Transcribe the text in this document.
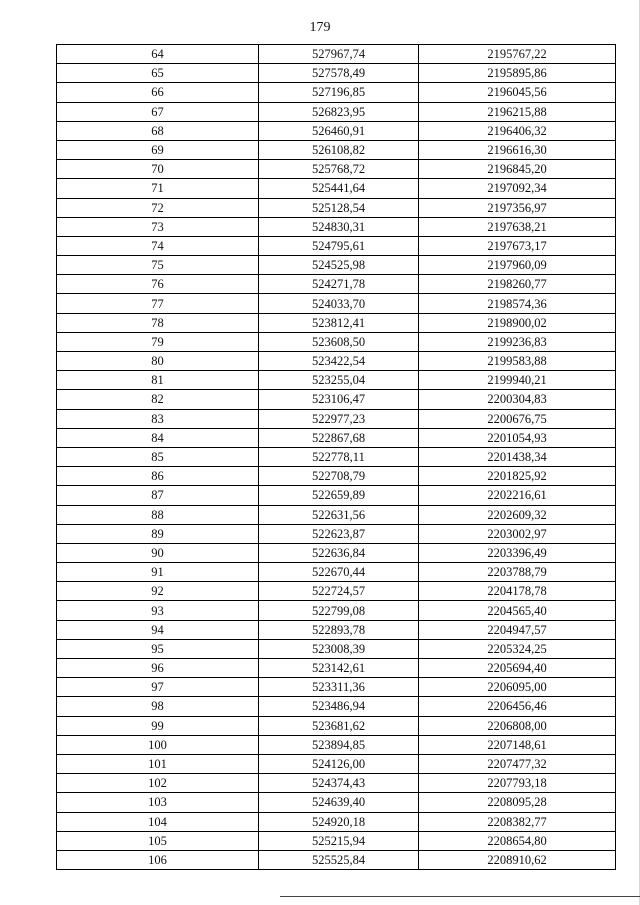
179
64	527967,74	2195767,22
65	527578,49	2195895,86
66	527196,85	2196045,56
67	526823,95	2196215,88
68	526460,91	2196406,32
69	526108,82	2196616,30
70	525768,72	2196845,20
71	525441,64	2197092,34
72	525128,54	2197356,97
73	524830,31	2197638,21
74	524795,61	2197673,17
75	524525,98	2197960,09
76	524271,78	2198260,77
77	524033,70	2198574,36
78	523812,41	2198900,02
79	523608,50	2199236,83
80	523422,54	2199583,88
81	523255,04	2199940,21
82	523106,47	2200304,83
83	522977,23	2200676,75
84	522867,68	2201054,93
85	522778,11	2201438,34
86	522708,79	2201825,92
87	522659,89	2202216,61
88	522631,56	2202609,32
89	522623,87	2203002,97
90	522636,84	2203396,49
91	522670,44	2203788,79
92	522724,57	2204178,78
93	522799,08	2204565,40
94	522893,78	2204947,57
95	523008,39	2205324,25
96	523142,61	2205694,40
97	523311,36	2206095,00
98	523486,94	2206456,46
99	523681,62	2206808,00
100	523894,85	2207148,61
101	524126,00	2207477,32
102	524374,43	2207793,18
103	524639,40	2208095,28
104	524920,18	2208382,77
105	525215,94	2208654,80
106	525525,84	2208910,62
